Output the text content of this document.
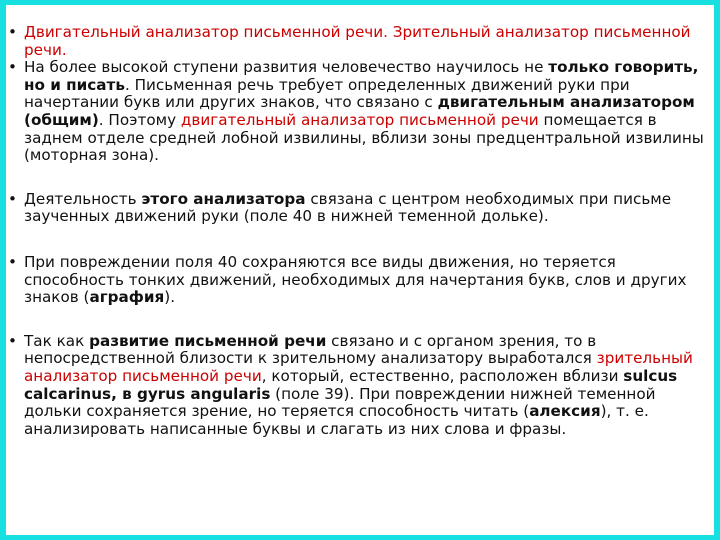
• Двигательный анализатор письменной речи. Зрительный анализатор письменной речи.
• На более высокой ступени развития человечество научилось не только говорить, но и писать. Письменная речь требует определенных движений руки при начертании букв или других знаков, что связано с двигательным анализатором (общим). Поэтому двигательный анализатор письменной речи помещается в заднем отделе средней лобной извилины, вблизи зоны предцентральной извилины (моторная зона).
• Деятельность этого анализатора связана с центром необходимых при письме заученных движений руки (поле 40 в нижней теменной дольке).
• При повреждении поля 40 сохраняются все виды движения, но теряется способность тонких движений, необходимых для начертания букв, слов и других знаков (аграфия).
• Так как развитие письменной речи связано и с органом зрения, то в непосредственной близости к зрительному анализатору выработался зрительный анализатор письменной речи, который, естественно, расположен вблизи sulcus calcarinus, в gyrus angularis (поле 39). При повреждении нижней теменной дольки сохраняется зрение, но теряется способность читать (алексия), т. е. анализировать написанные буквы и слагать из них слова и фразы.
